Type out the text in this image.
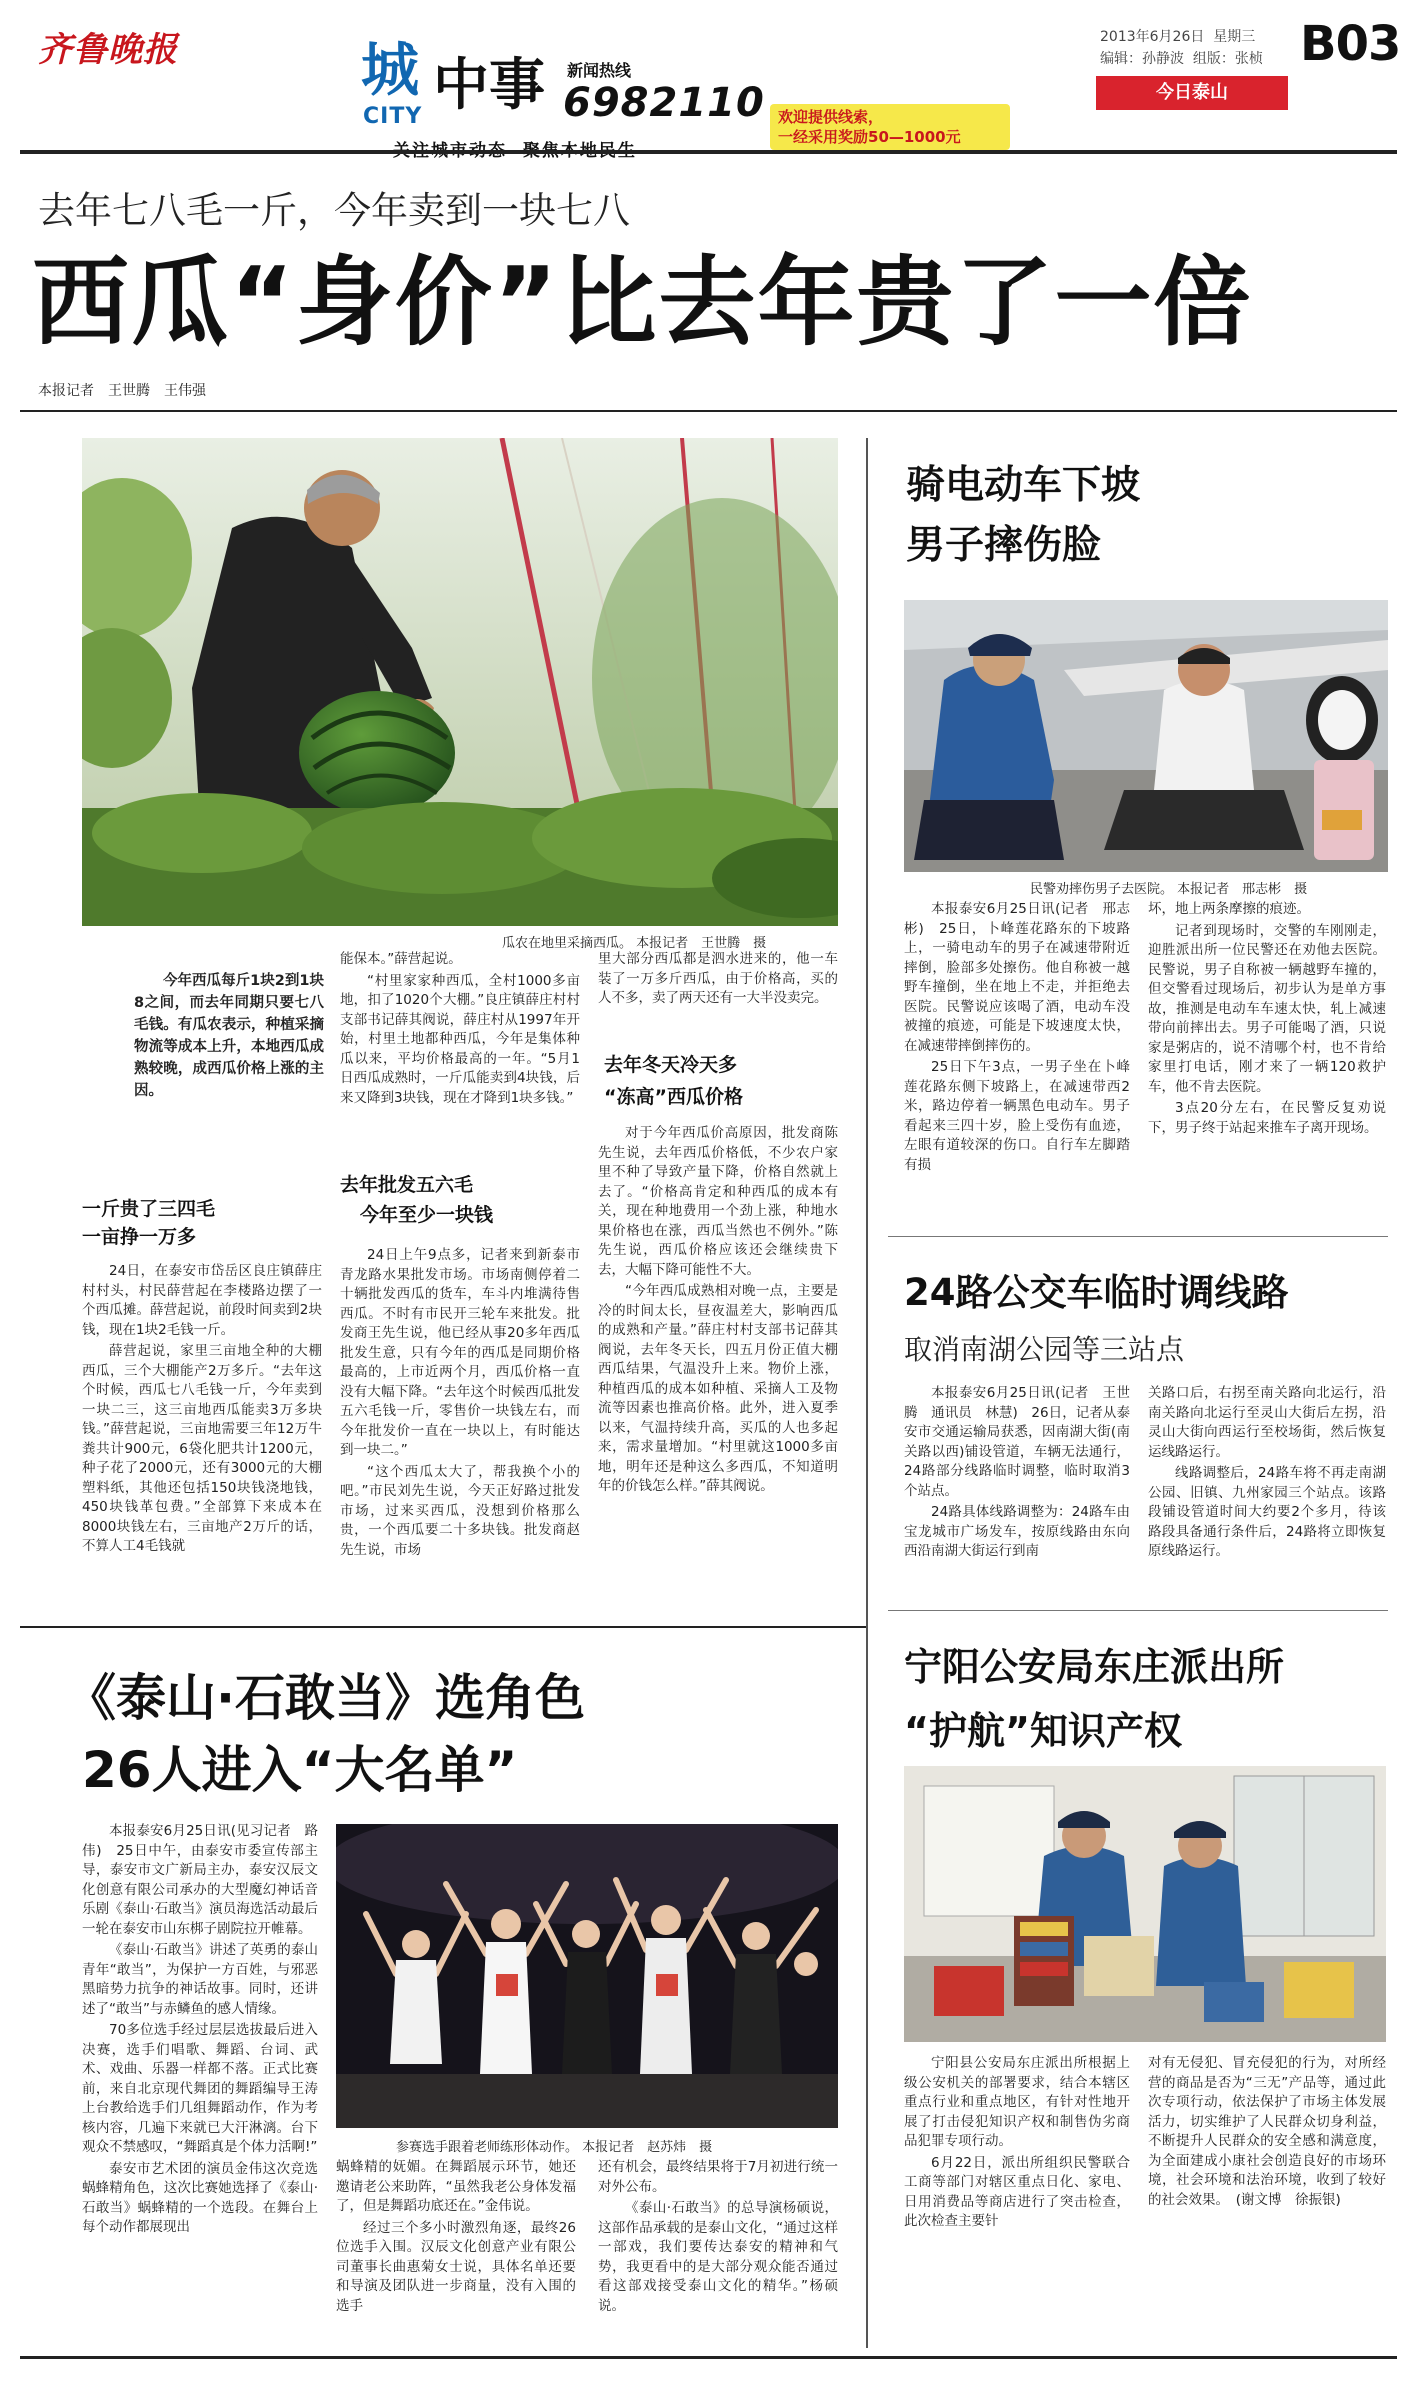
齐鲁晚报	城
CITY 中事 新闻热线
6982110 欢迎提供线索，
一经采用奖励50—1000元
2013年6月26日 星期三
编辑：孙静波 组版：张桢 B03
今日泰山
去年七八毛一斤，今年卖到一块七八
西瓜“身价”比去年贵了一倍
本报记者　王世腾　王伟强
瓜农在地里采摘西瓜。 本报记者　王世腾　摄

今年西瓜每斤1块2到1块8之间，而去年同期只要七八毛钱。有瓜农表示，种植采摘物流等成本上升，本地西瓜成熟较晚，成西瓜价格上涨的主因。

一斤贵了三四毛
一亩挣一万多

24日，在泰安市岱岳区良庄镇薛庄村村头，村民薛营起在李楼路边摆了一个西瓜摊。薛营起说，前段时间卖到2块钱，现在1块2毛钱一斤。

薛营起说，家里三亩地全种的大棚西瓜，三个大棚能产2万多斤。“去年这个时候，西瓜七八毛钱一斤，今年卖到一块二三，这三亩地西瓜能卖3万多块钱。”薛营起说，三亩地需要三年12万牛粪共计900元，6袋化肥共计1200元，种子花了2000元，还有3000元的大棚塑料纸，其他还包括150块钱浇地钱，450块钱革包费。”全部算下来成本在8000块钱左右，三亩地产2万斤的话，不算人工4毛钱就

能保本。”薛营起说。

“村里家家种西瓜，全村1000多亩地，扣了1020个大棚。”良庄镇薛庄村村支部书记薛其阀说，薛庄村从1997年开始，村里土地都种西瓜，今年是集体种瓜以来，平均价格最高的一年。“5月1日西瓜成熟时，一斤瓜能卖到4块钱，后来又降到3块钱，现在才降到1块多钱。”

去年批发五六毛
今年至少一块钱

24日上午9点多，记者来到新泰市青龙路水果批发市场。市场南侧停着二十辆批发西瓜的货车，车斗内堆满待售西瓜。不时有市民开三轮车来批发。批发商王先生说，他已经从事20多年西瓜批发生意，只有今年的西瓜是同期价格最高的，上市近两个月，西瓜价格一直没有大幅下降。“去年这个时候西瓜批发五六毛钱一斤，零售价一块钱左右，而今年批发价一直在一块以上，有时能达到一块二。”

“这个西瓜太大了，帮我换个小的吧。”市民刘先生说，今天正好路过批发市场，过来买西瓜，没想到价格那么贵，一个西瓜要二十多块钱。批发商赵先生说，市场

里大部分西瓜都是泗水进来的，他一车装了一万多斤西瓜，由于价格高，买的人不多，卖了两天还有一大半没卖完。

去年冬天冷天多
“冻高”西瓜价格

对于今年西瓜价高原因，批发商陈先生说，去年西瓜价格低，不少农户家里不种了导致产量下降，价格自然就上去了。“价格高肯定和种西瓜的成本有关，现在种地费用一个劲上涨，种地水果价格也在涨，西瓜当然也不例外。”陈先生说，西瓜价格应该还会继续贵下去，大幅下降可能性不大。

“今年西瓜成熟相对晚一点，主要是冷的时间太长，昼夜温差大，影响西瓜的成熟和产量。”薛庄村村支部书记薛其阀说，去年冬天长，四五月份正值大棚西瓜结果，气温没升上来。物价上涨，种植西瓜的成本如种植、采摘人工及物流等因素也推高价格。此外，进入夏季以来，气温持续升高，买瓜的人也多起来，需求量增加。“村里就这1000多亩地，明年还是种这么多西瓜，不知道明年的价钱怎么样。”薛其阀说。

骑电动车下坡
男子摔伤脸
民警劝摔伤男子去医院。 本报记者　邢志彬　摄

本报泰安6月25日讯(记者　邢志彬)　25日，卜峰莲花路东的下坡路上，一骑电动车的男子在减速带附近摔倒，脸部多处擦伤。他自称被一越野车撞倒，坐在地上不走，并拒绝去医院。民警说应该喝了酒，电动车没被撞的痕迹，可能是下坡速度太快，在减速带摔倒摔伤的。

25日下午3点，一男子坐在卜峰莲花路东侧下坡路上，在减速带西2米，路边停着一辆黑色电动车。男子看起来三四十岁，脸上受伤有血迹，左眼有道较深的伤口。自行车左脚踏有损

坏，地上两条摩擦的痕迹。

记者到现场时，交警的车刚刚走，迎胜派出所一位民警还在劝他去医院。民警说，男子自称被一辆越野车撞的，但交警看过现场后，初步认为是单方事故，推测是电动车车速太快，轧上减速带向前摔出去。男子可能喝了酒，只说家是粥店的，说不清哪个村，也不肯给家里打电话，刚才来了一辆120救护车，他不肯去医院。

3点20分左右，在民警反复劝说下，男子终于站起来推车子离开现场。

24路公交车临时调线路
取消南湖公园等三站点

本报泰安6月25日讯(记者　王世腾　通讯员　林慧)　26日，记者从泰安市交通运输局获悉，因南湖大街(南关路以西)铺设管道，车辆无法通行，24路部分线路临时调整，临时取消3个站点。

24路具体线路调整为：24路车由宝龙城市广场发车，按原线路由东向西沿南湖大街运行到南

关路口后，右拐至南关路向北运行，沿南关路向北运行至灵山大街后左拐，沿灵山大街向西运行至校场街，然后恢复运线路运行。

线路调整后，24路车将不再走南湖公园、旧镇、九州家园三个站点。该路段铺设管道时间大约要2个多月，待该路段具备通行条件后，24路将立即恢复原线路运行。

《泰山·石敢当》选角色
26人进入“大名单”

本报泰安6月25日讯(见习记者　路伟)　25日中午，由泰安市委宣传部主导，泰安市文广新局主办，泰安汉辰文化创意有限公司承办的大型魔幻神话音乐剧《泰山·石敢当》演员海选活动最后一轮在泰安市山东梆子剧院拉开帷幕。

《泰山·石敢当》讲述了英勇的泰山青年“敢当”，为保护一方百姓，与邪恶黑暗势力抗争的神话故事。同时，还讲述了“敢当”与赤鳞鱼的感人情缘。

70多位选手经过层层选拔最后进入决赛，选手们唱歌、舞蹈、台词、武术、戏曲、乐器一样都不落。正式比赛前，来自北京现代舞团的舞蹈编导王涛上台教给选手们几组舞蹈动作，作为考核内容，几遍下来就已大汗淋漓。台下观众不禁感叹，“舞蹈真是个体力活啊!”

泰安市艺术团的演员金伟这次竞选蜗蜂精角色，这次比赛她选择了《泰山·石敢当》蜗蜂精的一个选段。在舞台上每个动作都展现出

参赛选手跟着老师练形体动作。 本报记者　赵苏炜　摄

蜗蜂精的妩媚。在舞蹈展示环节，她还邀请老公来助阵，“虽然我老公身体发福了，但是舞蹈功底还在。”金伟说。

经过三个多小时激烈角逐，最终26位选手入围。汉辰文化创意产业有限公司董事长曲惠菊女士说，具体名单还要和导演及团队进一步商量，没有入围的选手

还有机会，最终结果将于7月初进行统一对外公布。

《泰山·石敢当》的总导演杨硕说，这部作品承载的是泰山文化，“通过这样一部戏，我们要传达泰安的精神和气势，我更看中的是大部分观众能否通过看这部戏接受泰山文化的精华。”杨硕说。

宁阳公安局东庄派出所
“护航”知识产权

宁阳县公安局东庄派出所根据上级公安机关的部署要求，结合本辖区重点行业和重点地区，有针对性地开展了打击侵犯知识产权和制售伪劣商品犯罪专项行动。

6月22日，派出所组织民警联合工商等部门对辖区重点日化、家电、日用消费品等商店进行了突击检查，此次检查主要针

对有无侵犯、冒充侵犯的行为，对所经营的商品是否为“三无”产品等，通过此次专项行动，依法保护了市场主体发展活力，切实维护了人民群众切身利益，不断提升人民群众的安全感和满意度，为全面建成小康社会创造良好的市场环境，社会环境和法治环境，收到了较好的社会效果。　(谢文博　徐振银)
